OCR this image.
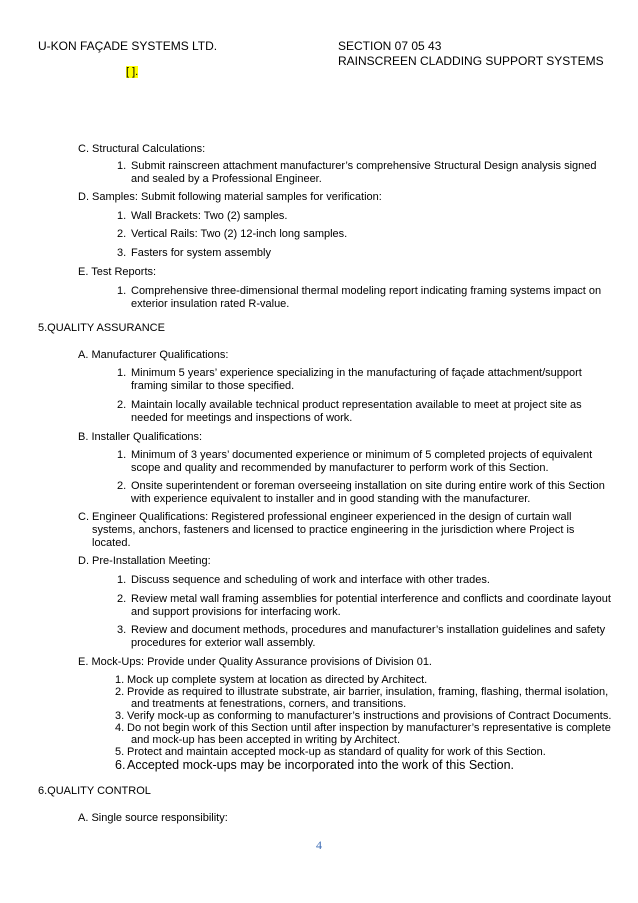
U-KON FAÇADE SYSTEMS LTD.	SECTION 07 05 43
RAINSCREEN CLADDING SUPPORT SYSTEMS
[ ].
C. Structural Calculations:
1. Submit rainscreen attachment manufacturer’s comprehensive Structural Design analysis signed
and sealed by a Professional Engineer.
D. Samples: Submit following material samples for verification:
1. Wall Brackets: Two (2) samples.
2. Vertical Rails: Two (2) 12-inch long samples.
3. Fasters for system assembly
E. Test Reports:
1. Comprehensive three-dimensional thermal modeling report indicating framing systems impact on
exterior insulation rated R-value.
5.QUALITY ASSURANCE
A. Manufacturer Qualifications:
1. Minimum 5 years’ experience specializing in the manufacturing of façade attachment/support
framing similar to those specified.
2. Maintain locally available technical product representation available to meet at project site as
needed for meetings and inspections of work.
B. Installer Qualifications:
1. Minimum of 3 years’ documented experience or minimum of 5 completed projects of equivalent
scope and quality and recommended by manufacturer to perform work of this Section.
2. Onsite superintendent or foreman overseeing installation on site during entire work of this Section
with experience equivalent to installer and in good standing with the manufacturer.
C. Engineer Qualifications: Registered professional engineer experienced in the design of curtain wall
systems, anchors, fasteners and licensed to practice engineering in the jurisdiction where Project is
located.
D. Pre-Installation Meeting:
1. Discuss sequence and scheduling of work and interface with other trades.
2. Review metal wall framing assemblies for potential interference and conflicts and coordinate layout
and support provisions for interfacing work.
3. Review and document methods, procedures and manufacturer’s installation guidelines and safety
procedures for exterior wall assembly.
E. Mock-Ups: Provide under Quality Assurance provisions of Division 01.
1. Mock up complete system at location as directed by Architect.
2. Provide as required to illustrate substrate, air barrier, insulation, framing, flashing, thermal isolation,
and treatments at fenestrations, corners, and transitions.
3. Verify mock-up as conforming to manufacturer’s instructions and provisions of Contract Documents.
4. Do not begin work of this Section until after inspection by manufacturer’s representative is complete
and mock-up has been accepted in writing by Architect.
5. Protect and maintain accepted mock-up as standard of quality for work of this Section.
6. Accepted mock-ups may be incorporated into the work of this Section.
6.QUALITY CONTROL
A. Single source responsibility:
4
